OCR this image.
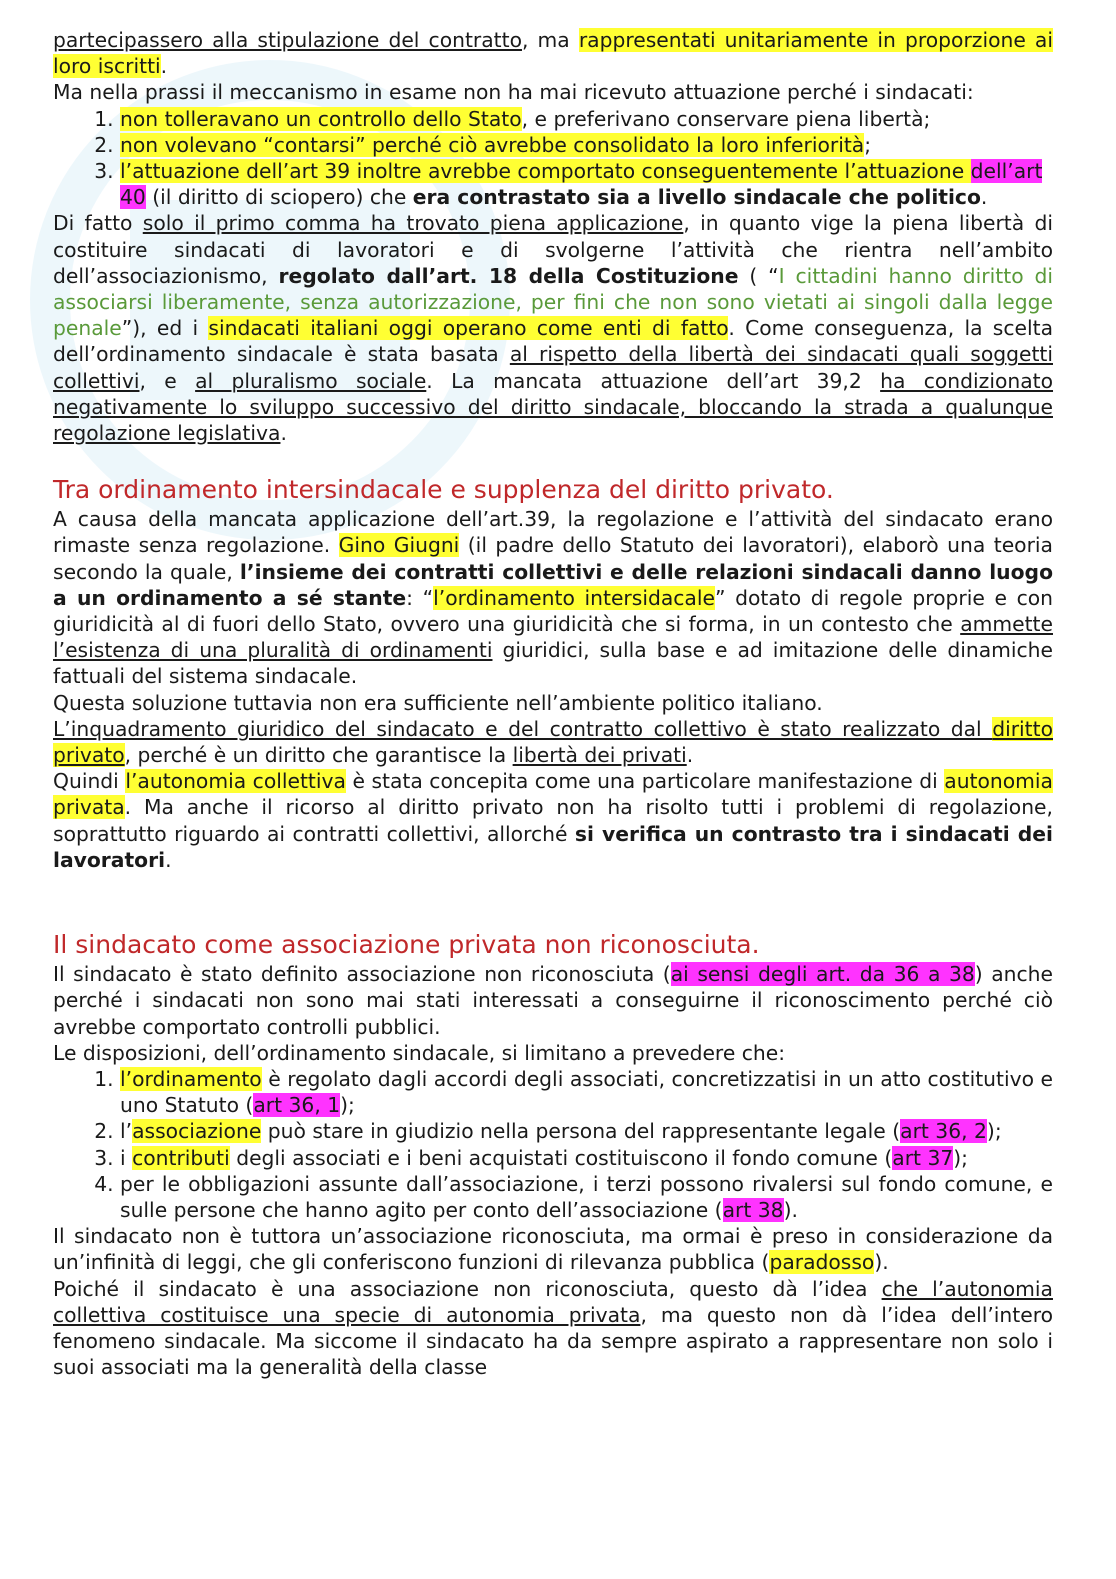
partecipassero alla stipulazione del contratto, ma rappresentati unitariamente in proporzione ai loro iscritti.

Ma nella prassi il meccanismo in esame non ha mai ricevuto attuazione perché i sindacati:

1. non tolleravano un controllo dello Stato, e preferivano conservare piena libertà;
2. non volevano “contarsi” perché ciò avrebbe consolidato la loro inferiorità;
3. l’attuazione dell’art 39 inoltre avrebbe comportato conseguentemente l’attuazione dell’art 40 (il diritto di sciopero) che era contrastato sia a livello sindacale che politico.

Di fatto solo il primo comma ha trovato piena applicazione, in quanto vige la piena libertà di costituire sindacati di lavoratori e di svolgerne l’attività che rientra nell’ambito dell’associazionismo, regolato dall’art. 18 della Costituzione ( “I cittadini hanno diritto di associarsi liberamente, senza autorizzazione, per fini che non sono vietati ai singoli dalla legge penale”), ed i sindacati italiani oggi operano come enti di fatto. Come conseguenza, la scelta dell’ordinamento sindacale è stata basata al rispetto della libertà dei sindacati quali soggetti collettivi, e al pluralismo sociale. La mancata attuazione dell’art 39,2 ha condizionato negativamente lo sviluppo successivo del diritto sindacale, bloccando la strada a qualunque regolazione legislativa.

Tra ordinamento intersindacale e supplenza del diritto privato.

A causa della mancata applicazione dell’art.39, la regolazione e l’attività del sindacato erano rimaste senza regolazione. Gino Giugni (il padre dello Statuto dei lavoratori), elaborò una teoria secondo la quale, l’insieme dei contratti collettivi e delle relazioni sindacali danno luogo a un ordinamento a sé stante: “l’ordinamento intersidacale” dotato di regole proprie e con giuridicità al di fuori dello Stato, ovvero una giuridicità che si forma, in un contesto che ammette l’esistenza di una pluralità di ordinamenti giuridici, sulla base e ad imitazione delle dinamiche fattuali del sistema sindacale.

Questa soluzione tuttavia non era sufficiente nell’ambiente politico italiano.

L’inquadramento giuridico del sindacato e del contratto collettivo è stato realizzato dal diritto privato, perché è un diritto che garantisce la libertà dei privati.

Quindi l’autonomia collettiva è stata concepita come una particolare manifestazione di autonomia privata. Ma anche il ricorso al diritto privato non ha risolto tutti i problemi di regolazione, soprattutto riguardo ai contratti collettivi, allorché si verifica un contrasto tra i sindacati dei lavoratori.

Il sindacato come associazione privata non riconosciuta.

Il sindacato è stato definito associazione non riconosciuta (ai sensi degli art. da 36 a 38) anche perché i sindacati non sono mai stati interessati a conseguirne il riconoscimento perché ciò avrebbe comportato controlli pubblici.

Le disposizioni, dell’ordinamento sindacale, si limitano a prevedere che:

1. l’ordinamento è regolato dagli accordi degli associati, concretizzatisi in un atto costitutivo e uno Statuto (art 36, 1);
2. l’associazione può stare in giudizio nella persona del rappresentante legale (art 36, 2);
3. i contributi degli associati e i beni acquistati costituiscono il fondo comune (art 37);
4. per le obbligazioni assunte dall’associazione, i terzi possono rivalersi sul fondo comune, e sulle persone che hanno agito per conto dell’associazione (art 38).

Il sindacato non è tuttora un’associazione riconosciuta, ma ormai è preso in considerazione da un’infinità di leggi, che gli conferiscono funzioni di rilevanza pubblica (paradosso).

Poiché il sindacato è una associazione non riconosciuta, questo dà l’idea che l’autonomia collettiva costituisce una specie di autonomia privata, ma questo non dà l’idea dell’intero fenomeno sindacale. Ma siccome il sindacato ha da sempre aspirato a rappresentare non solo i suoi associati ma la generalità della classe
